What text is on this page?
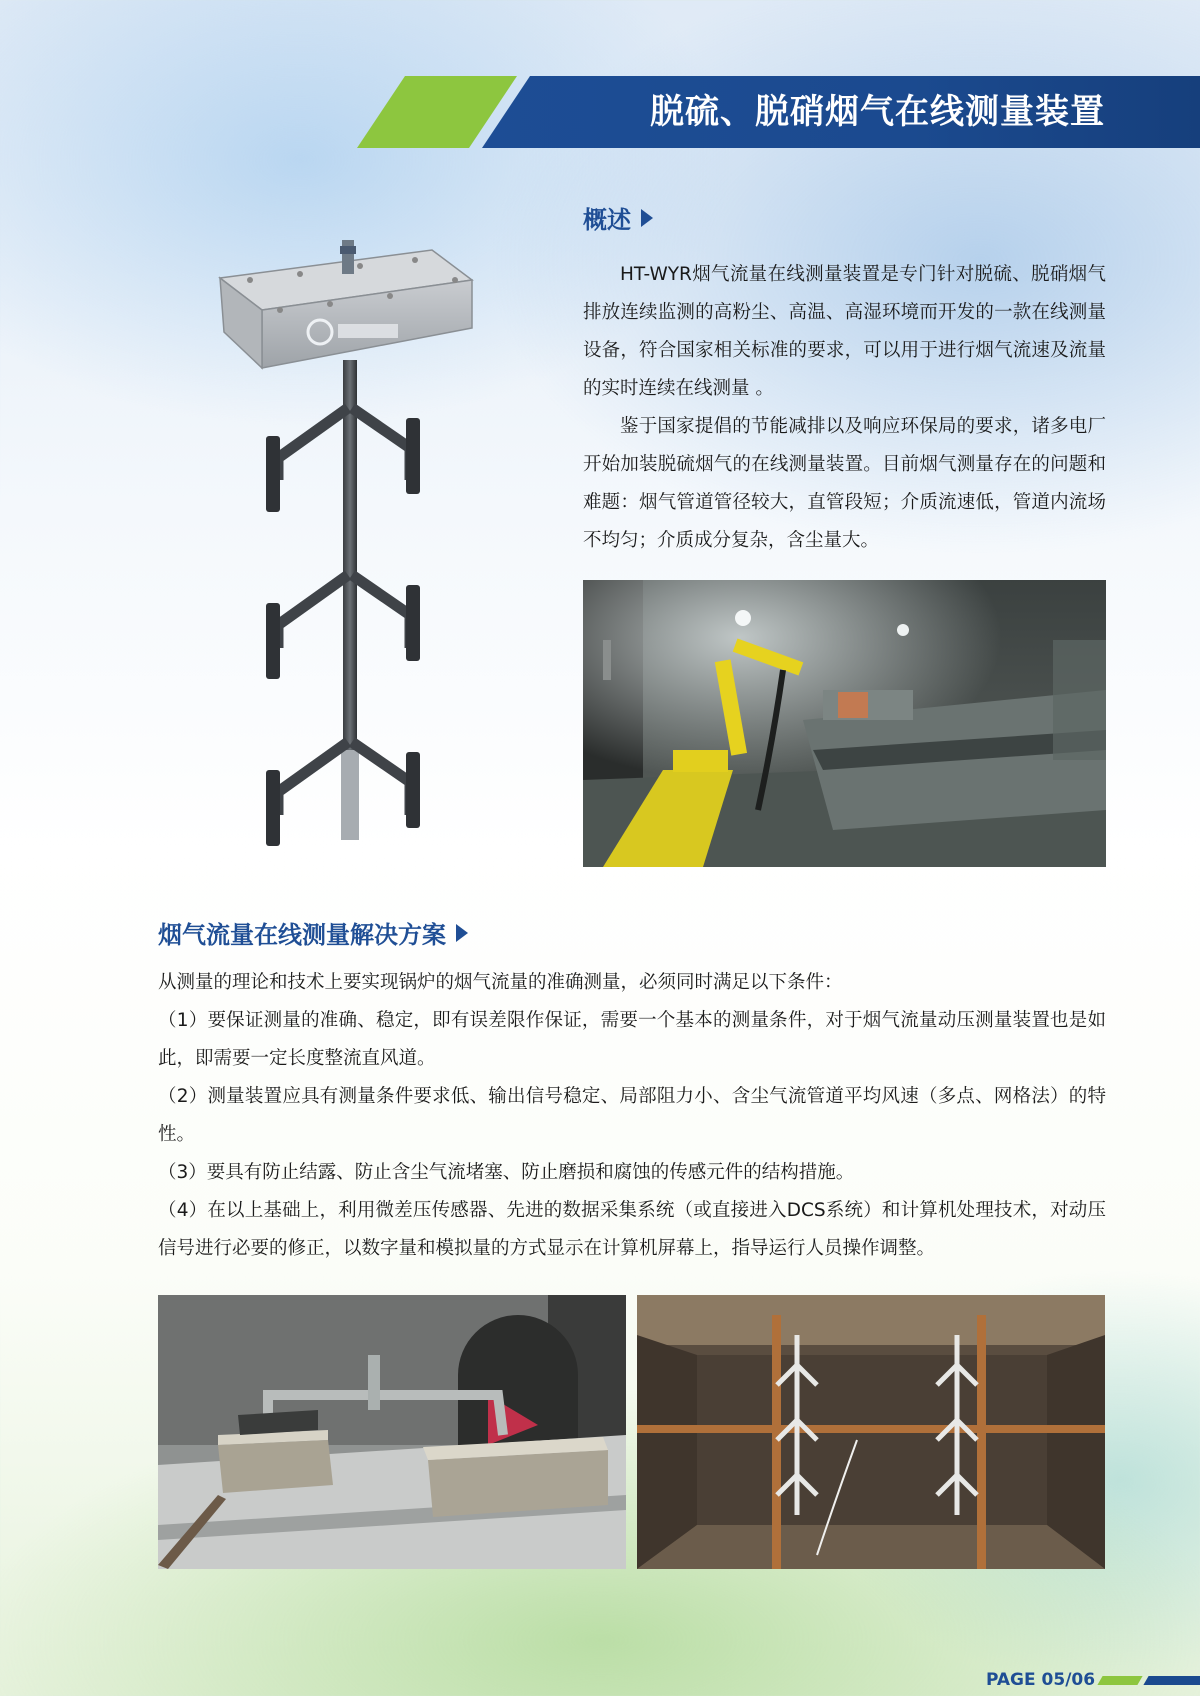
脱硫、脱硝烟气在线测量装置
概述

HT-WYR烟气流量在线测量装置是专门针对脱硫、脱硝烟气排放连续监测的高粉尘、高温、高湿环境而开发的一款在线测量设备，符合国家相关标准的要求，可以用于进行烟气流速及流量的实时连续在线测量 。

鉴于国家提倡的节能减排以及响应环保局的要求，诸多电厂开始加装脱硫烟气的在线测量装置。目前烟气测量存在的问题和难题：烟气管道管径较大，直管段短；介质流速低，管道内流场不均匀；介质成分复杂，含尘量大。

烟气流量在线测量解决方案

从测量的理论和技术上要实现锅炉的烟气流量的准确测量，必须同时满足以下条件：

（1）要保证测量的准确、稳定，即有误差限作保证，需要一个基本的测量条件，对于烟气流量动压测量装置也是如此，即需要一定长度整流直风道。

（2）测量装置应具有测量条件要求低、输出信号稳定、局部阻力小、含尘气流管道平均风速（多点、网格法）的特性。

（3）要具有防止结露、防止含尘气流堵塞、防止磨损和腐蚀的传感元件的结构措施。

（4）在以上基础上，利用微差压传感器、先进的数据采集系统（或直接进入DCS系统）和计算机处理技术，对动压信号进行必要的修正，以数字量和模拟量的方式显示在计算机屏幕上，指导运行人员操作调整。

PAGE 05/06
